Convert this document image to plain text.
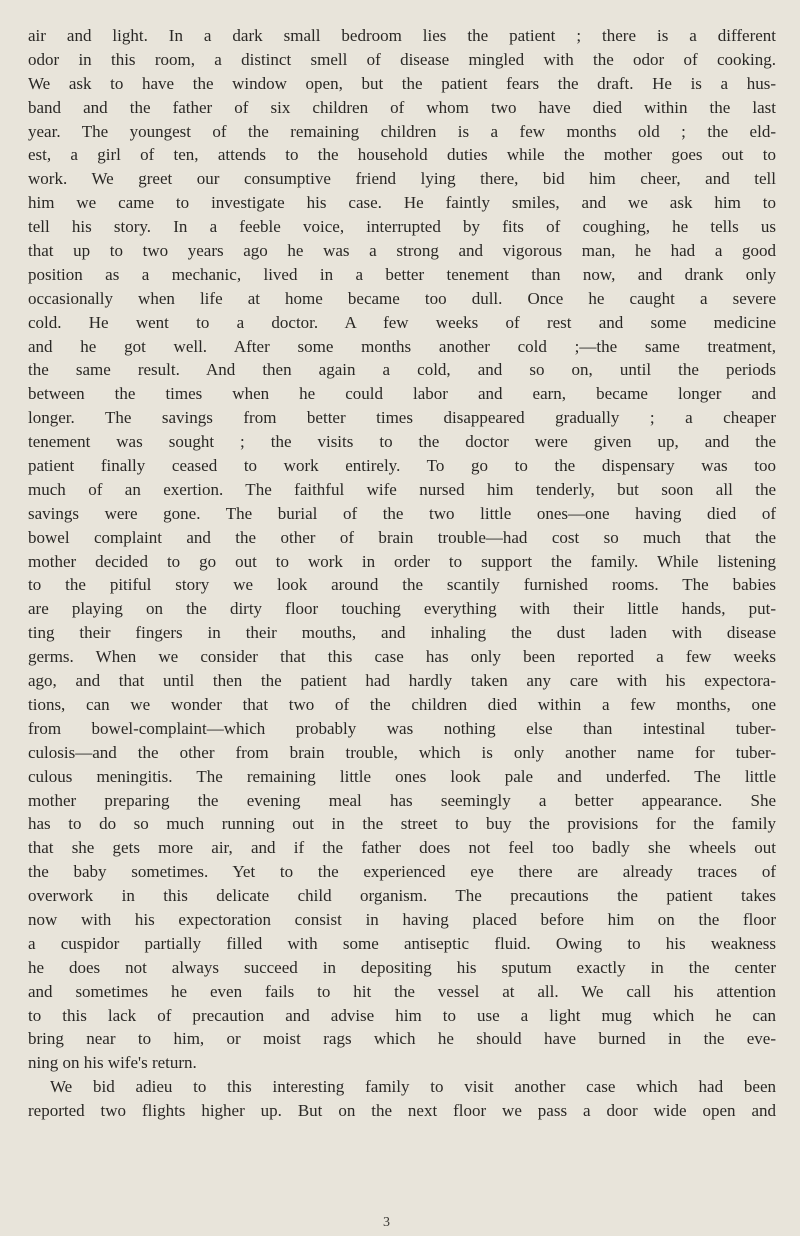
air and light. In a dark small bedroom lies the patient ; there is a different
odor in this room, a distinct smell of disease mingled with the odor of cooking.
We ask to have the window open, but the patient fears the draft. He is a hus-
band and the father of six children of whom two have died within the last
year. The youngest of the remaining children is a few months old ; the eld-
est, a girl of ten, attends to the household duties while the mother goes out to
work. We greet our consumptive friend lying there, bid him cheer, and tell
him we came to investigate his case. He faintly smiles, and we ask him to
tell his story. In a feeble voice, interrupted by fits of coughing, he tells us
that up to two years ago he was a strong and vigorous man, he had a good
position as a mechanic, lived in a better tenement than now, and drank only
occasionally when life at home became too dull. Once he caught a severe
cold. He went to a doctor. A few weeks of rest and some medicine
and he got well. After some months another cold ;—the same treatment,
the same result. And then again a cold, and so on, until the periods
between the times when he could labor and earn, became longer and
longer. The savings from better times disappeared gradually ; a cheaper
tenement was sought ; the visits to the doctor were given up, and the
patient finally ceased to work entirely. To go to the dispensary was too
much of an exertion. The faithful wife nursed him tenderly, but soon all the
savings were gone. The burial of the two little ones—one having died of
bowel complaint and the other of brain trouble—had cost so much that the
mother decided to go out to work in order to support the family. While listening
to the pitiful story we look around the scantily furnished rooms. The babies
are playing on the dirty floor touching everything with their little hands, put-
ting their fingers in their mouths, and inhaling the dust laden with disease
germs. When we consider that this case has only been reported a few weeks
ago, and that until then the patient had hardly taken any care with his expectora-
tions, can we wonder that two of the children died within a few months, one
from bowel-complaint—which probably was nothing else than intestinal tuber-
culosis—and the other from brain trouble, which is only another name for tuber-
culous meningitis. The remaining little ones look pale and underfed. The little
mother preparing the evening meal has seemingly a better appearance. She
has to do so much running out in the street to buy the provisions for the family
that she gets more air, and if the father does not feel too badly she wheels out
the baby sometimes. Yet to the experienced eye there are already traces of
overwork in this delicate child organism. The precautions the patient takes
now with his expectoration consist in having placed before him on the floor
a cuspidor partially filled with some antiseptic fluid. Owing to his weakness
he does not always succeed in depositing his sputum exactly in the center
and sometimes he even fails to hit the vessel at all. We call his attention
to this lack of precaution and advise him to use a light mug which he can
bring near to him, or moist rags which he should have burned in the eve-
ning on his wife's return.
We bid adieu to this interesting family to visit another case which had been
reported two flights higher up. But on the next floor we pass a door wide open and
3
